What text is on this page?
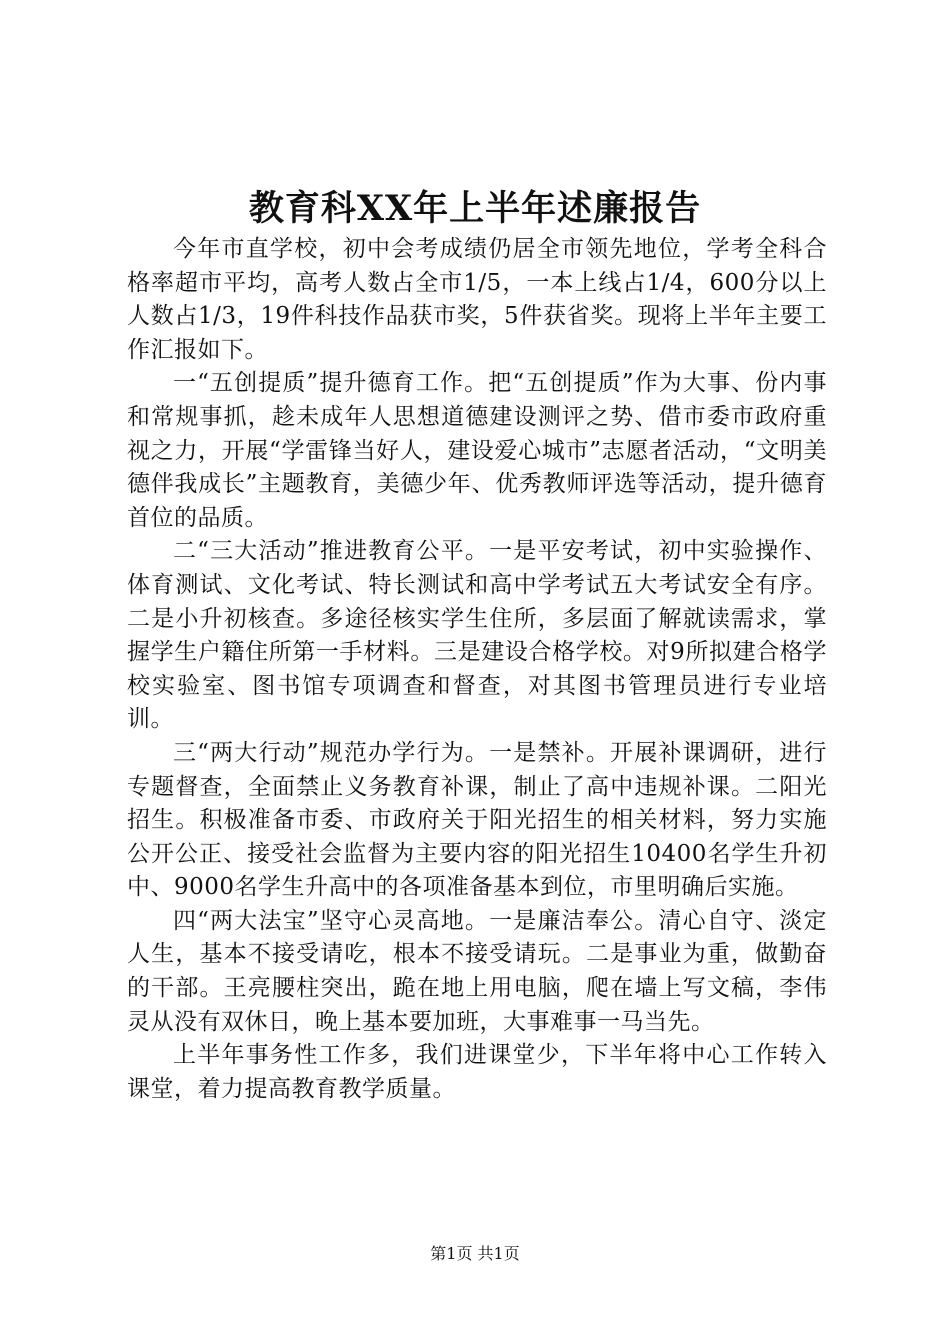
教育科XX年上半年述廉报告

今年市直学校，初中会考成绩仍居全市领先地位，学考全科合格率超市平均，高考人数占全市1/5，一本上线占1/4，600分以上人数占1/3，19件科技作品获市奖，5件获省奖。现将上半年主要工作汇报如下。

一“五创提质”提升德育工作。把“五创提质”作为大事、份内事和常规事抓，趁未成年人思想道德建设测评之势、借市委市政府重视之力，开展“学雷锋当好人，建设爱心城市”志愿者活动，“文明美德伴我成长”主题教育，美德少年、优秀教师评选等活动，提升德育首位的品质。

二“三大活动”推进教育公平。一是平安考试，初中实验操作、体育测试、文化考试、特长测试和高中学考试五大考试安全有序。二是小升初核查。多途径核实学生住所，多层面了解就读需求，掌握学生户籍住所第一手材料。三是建设合格学校。对9所拟建合格学校实验室、图书馆专项调查和督查，对其图书管理员进行专业培训。

三“两大行动”规范办学行为。一是禁补。开展补课调研，进行专题督查，全面禁止义务教育补课，制止了高中违规补课。二阳光招生。积极准备市委、市政府关于阳光招生的相关材料，努力实施公开公正、接受社会监督为主要内容的阳光招生10400名学生升初中、9000名学生升高中的各项准备基本到位，市里明确后实施。

四“两大法宝”坚守心灵高地。一是廉洁奉公。清心自守、淡定人生，基本不接受请吃，根本不接受请玩。二是事业为重，做勤奋的干部。王亮腰柱突出，跪在地上用电脑，爬在墙上写文稿，李伟灵从没有双休日，晚上基本要加班，大事难事一马当先。

上半年事务性工作多，我们进课堂少，下半年将中心工作转入课堂，着力提高教育教学质量。

第1页 共1页
